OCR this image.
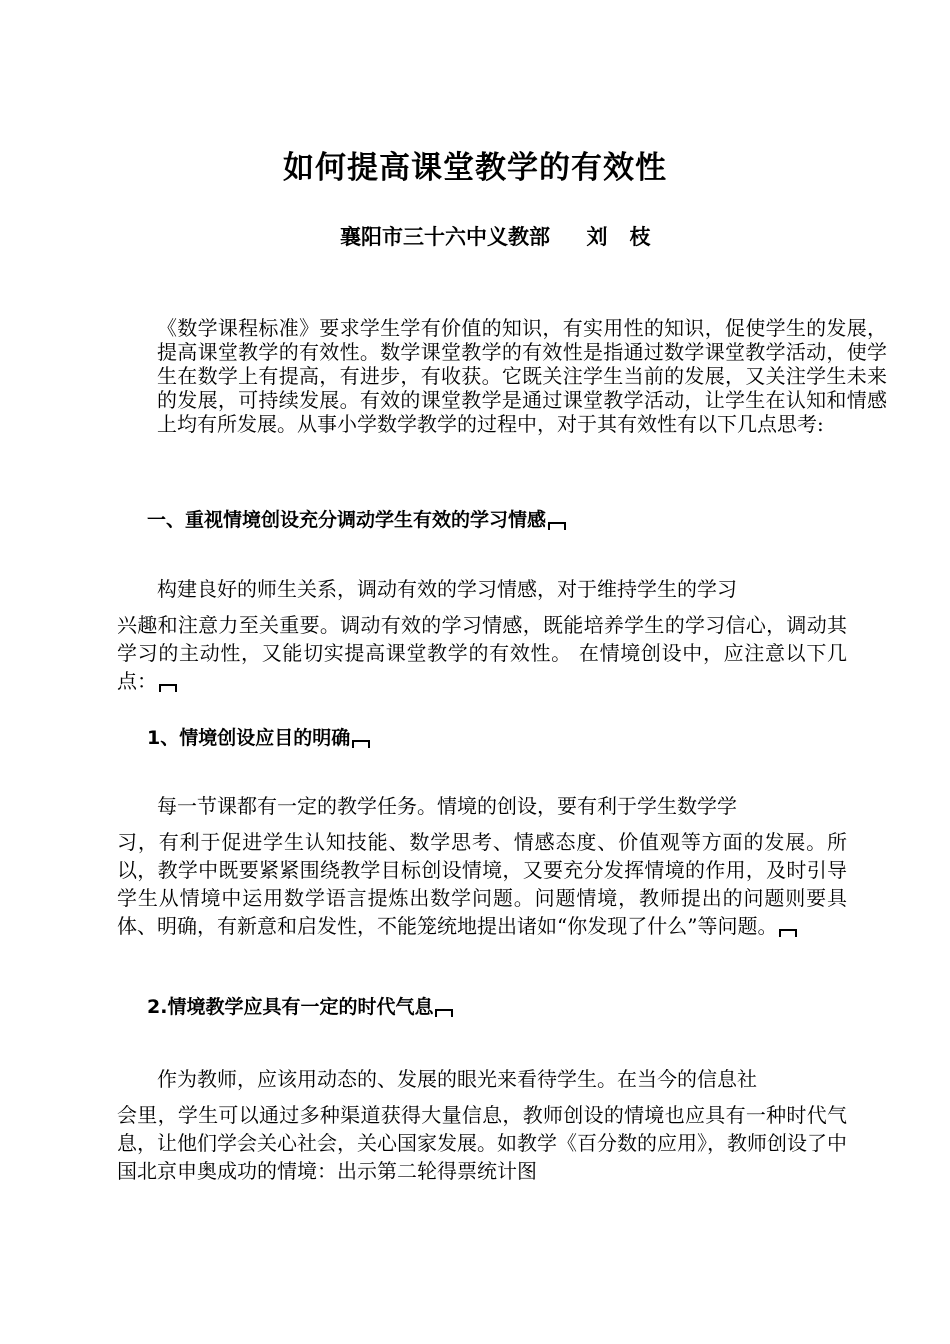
如何提高课堂教学的有效性
襄阳市三十六中义教部     刘   枝
《数学课程标准》要求学生学有价值的知识，有实用性的知识，促使学生的发展，提高课堂教学的有效性。数学课堂教学的有效性是指通过数学课堂教学活动，使学生在数学上有提高，有进步，有收获。它既关注学生当前的发展，又关注学生未来的发展，可持续发展。有效的课堂教学是通过课堂教学活动，让学生在认知和情感上均有所发展。从事小学数学教学的过程中，对于其有效性有以下几点思考:
一、重视情境创设充分调动学生有效的学习情感
构建良好的师生关系，调动有效的学习情感，对于维持学生的学习
兴趣和注意力至关重要。调动有效的学习情感，既能培养学生的学习信心，调动其学习的主动性，又能切实提高课堂教学的有效性。 在情境创设中，应注意以下几点：
1、情境创设应目的明确
每一节课都有一定的教学任务。情境的创设，要有利于学生数学学
习，有利于促进学生认知技能、数学思考、情感态度、价值观等方面的发展。所以，教学中既要紧紧围绕教学目标创设情境，又要充分发挥情境的作用，及时引导学生从情境中运用数学语言提炼出数学问题。问题情境，教师提出的问题则要具体、明确，有新意和启发性，不能笼统地提出诸如“你发现了什么”等问题。
2.情境教学应具有一定的时代气息
作为教师，应该用动态的、发展的眼光来看待学生。在当今的信息社
会里，学生可以通过多种渠道获得大量信息，教师创设的情境也应具有一种时代气息，让他们学会关心社会，关心国家发展。如教学《百分数的应用》，教师创设了中国北京申奥成功的情境：出示第二轮得票统计图
